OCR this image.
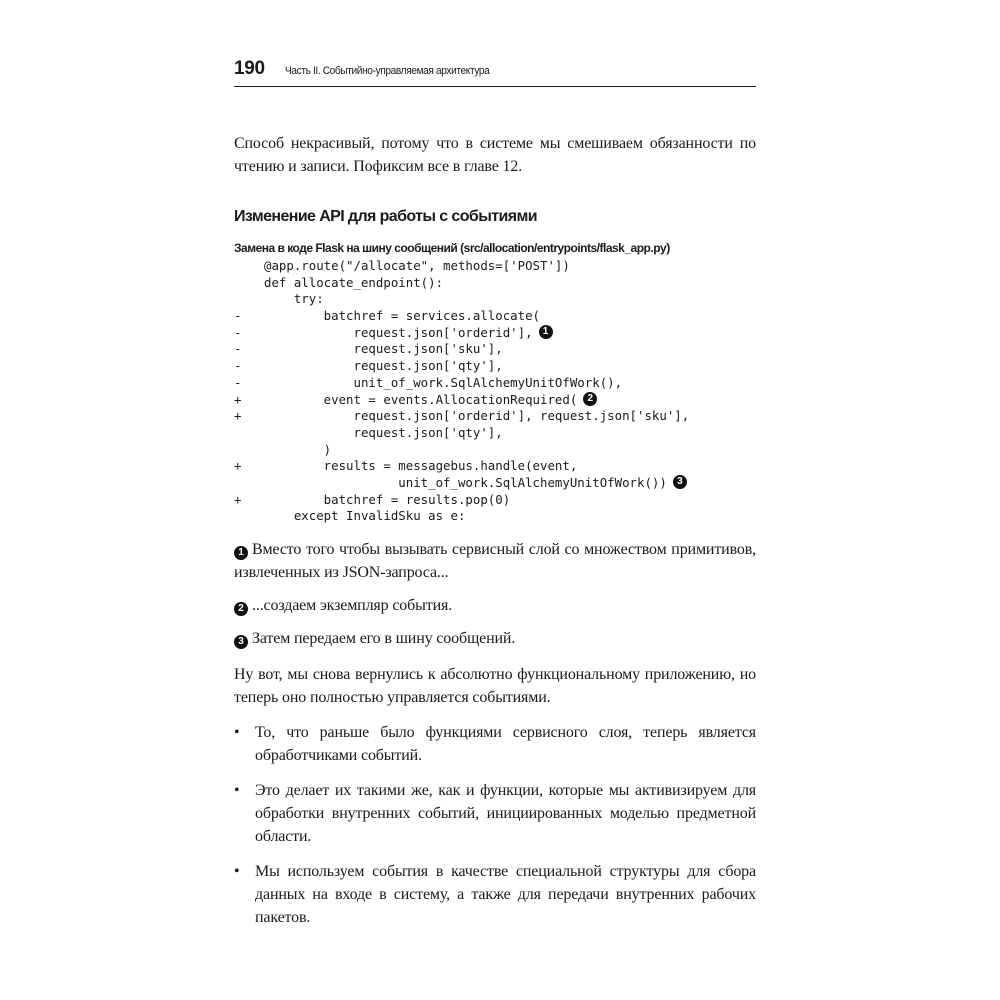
190 Часть II. Событийно-управляемая архитектура

Способ некрасивый, потому что в системе мы смешиваем обязанности по чтению и записи. Пофиксим все в главе 12.

Изменение API для работы с событиями
Замена в коде Flask на шину сообщений (src/allocation/entrypoints/flask_app.py)
@app.route("/allocate", methods=['POST'])
def allocate_endpoint():
try:
-	batchref = services.allocate(
-	request.json['orderid'],	1
-	request.json['sku'],
-	request.json['qty'],
-	unit_of_work.SqlAlchemyUnitOfWork(),
+	event = events.AllocationRequired(	2
+	request.json['orderid'], request.json['sku'],
request.json['qty'],
)
+	results = messagebus.handle(event,
unit_of_work.SqlAlchemyUnitOfWork())	3
+	batchref = results.pop(0)
except InvalidSku as e:

1 Вместо того чтобы вызывать сервисный слой со множеством примитивов, извлеченных из JSON-запроса...

2 ...создаем экземпляр события.

3 Затем передаем его в шину сообщений.

Ну вот, мы снова вернулись к абсолютно функциональному приложению, но теперь оно полностью управляется событиями.

• То, что раньше было функциями сервисного слоя, теперь является обработчиками событий.
• Это делает их такими же, как и функции, которые мы активизируем для обработки внутренних событий, инициированных моделью предметной области.
• Мы используем события в качестве специальной структуры для сбора данных на входе в систему, а также для передачи внутренних рабочих пакетов.
